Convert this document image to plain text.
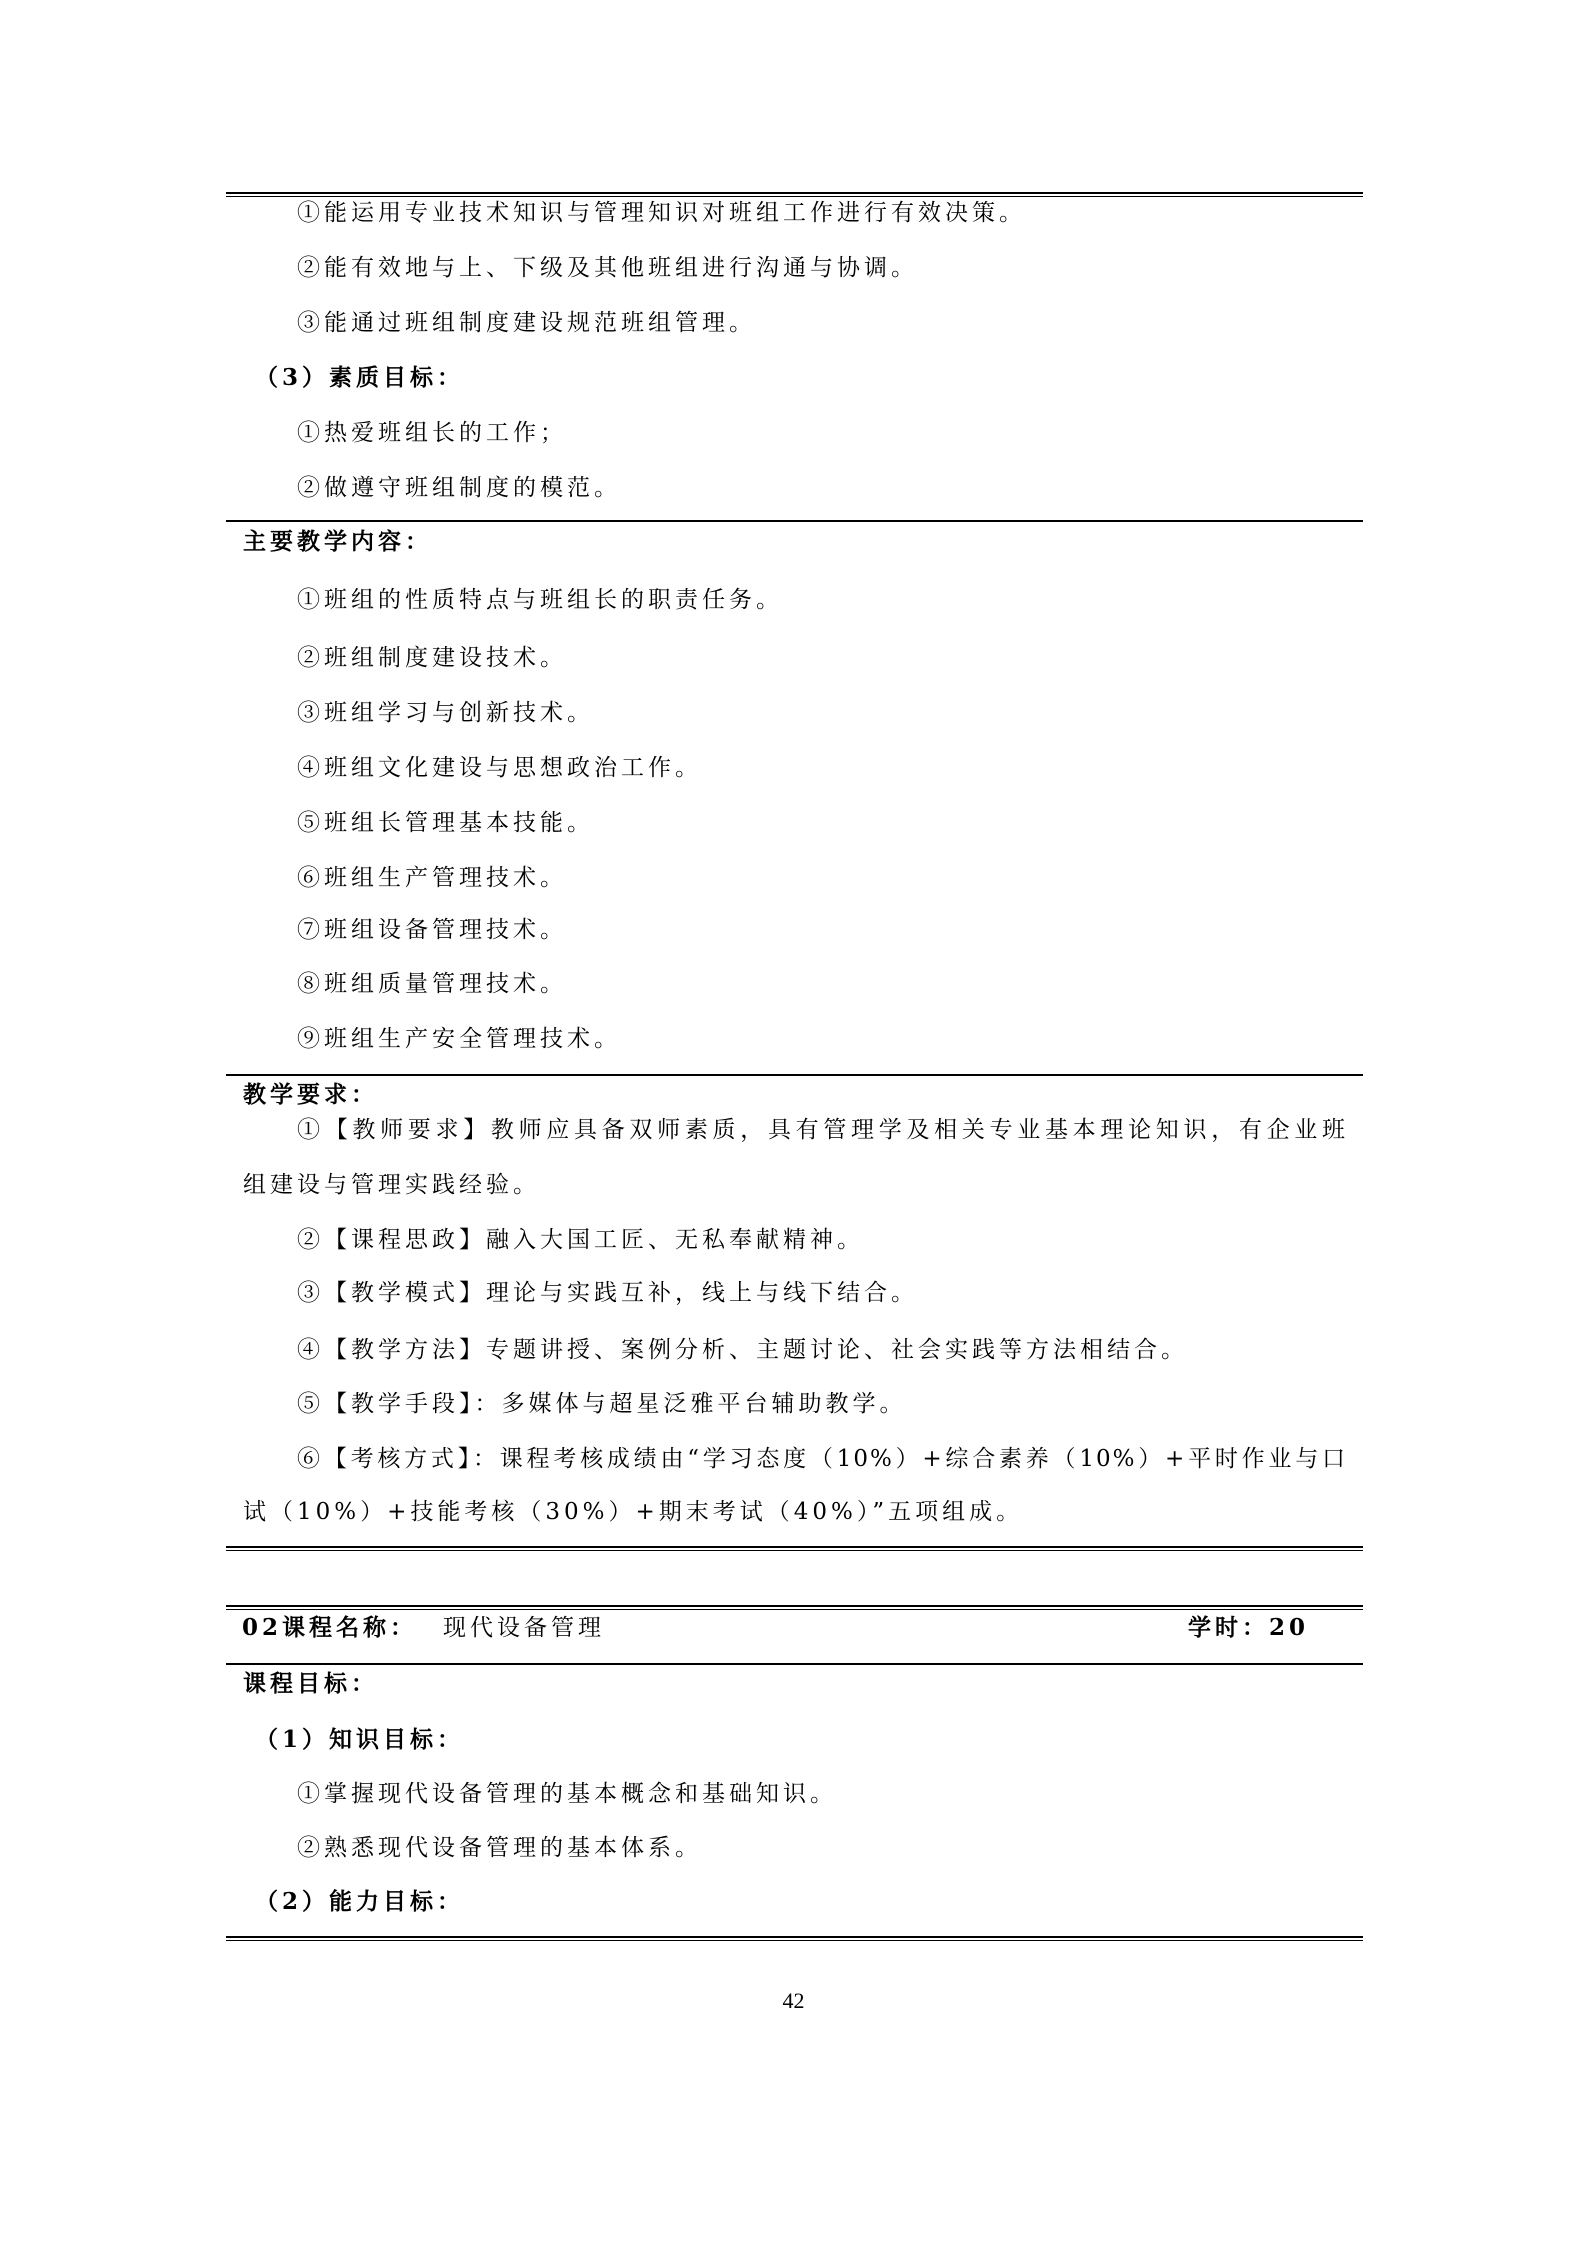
①能运用专业技术知识与管理知识对班组工作进行有效决策。
②能有效地与上、下级及其他班组进行沟通与协调。
③能通过班组制度建设规范班组管理。
（3）素质目标：
①热爱班组长的工作；
②做遵守班组制度的模范。
主要教学内容：
①班组的性质特点与班组长的职责任务。
②班组制度建设技术。
③班组学习与创新技术。
④班组文化建设与思想政治工作。
⑤班组长管理基本技能。
⑥班组生产管理技术。
⑦班组设备管理技术。
⑧班组质量管理技术。
⑨班组生产安全管理技术。
教学要求：
①【教师要求】教师应具备双师素质，具有管理学及相关专业基本理论知识，有企业班
组建设与管理实践经验。
②【课程思政】融入大国工匠、无私奉献精神。
③【教学模式】理论与实践互补，线上与线下结合。
④【教学方法】专题讲授、案例分析、主题讨论、社会实践等方法相结合。
⑤【教学手段】：多媒体与超星泛雅平台辅助教学。
⑥【考核方式】：课程考核成绩由“学习态度（10%）+综合素养（10%）+平时作业与口
试（10%）+技能考核（30%）+期末考试（40%）”五项组成。
02课程名称： 现代设备管理	学时：20
课程目标：
（1）知识目标：
①掌握现代设备管理的基本概念和基础知识。
②熟悉现代设备管理的基本体系。
（2）能力目标：
42
